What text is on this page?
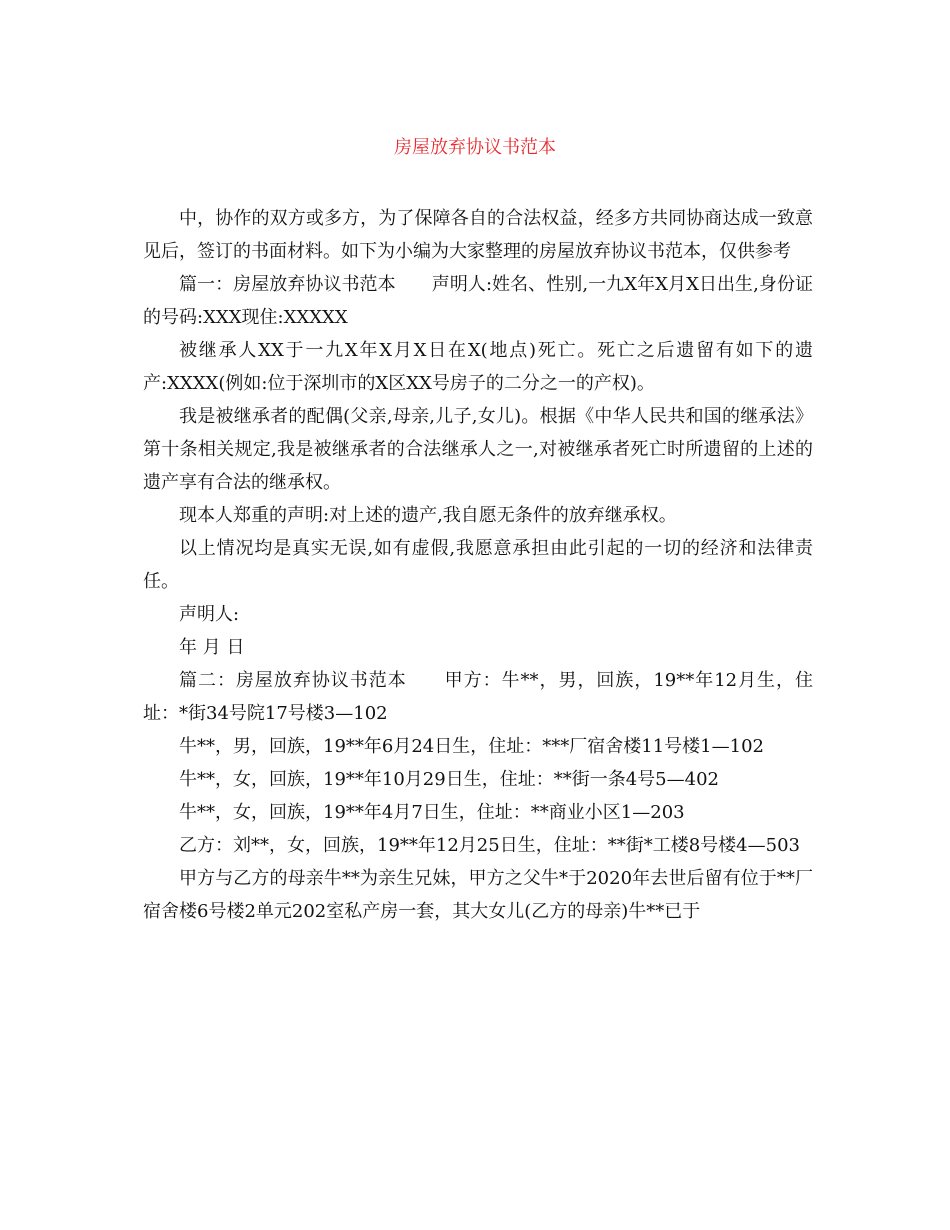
房屋放弃协议书范本

中，协作的双方或多方，为了保障各自的合法权益，经多方共同协商达成一致意见后，签订的书面材料。如下为小编为大家整理的房屋放弃协议书范本，仅供参考

篇一：房屋放弃协议书范本　　声明人:姓名、性别,一九X年X月X日出生,身份证的号码:XXX现住:XXXXX

被继承人XX于一九X年X月X日在X(地点)死亡。死亡之后遗留有如下的遗产:XXXX(例如:位于深圳市的X区XX号房子的二分之一的产权)。

我是被继承者的配偶(父亲,母亲,儿子,女儿)。根据《中华人民共和国的继承法》第十条相关规定,我是被继承者的合法继承人之一,对被继承者死亡时所遗留的上述的遗产享有合法的继承权。

现本人郑重的声明:对上述的遗产,我自愿无条件的放弃继承权。

以上情况均是真实无误,如有虚假,我愿意承担由此引起的一切的经济和法律责任。

声明人:

年 月 日

篇二：房屋放弃协议书范本　　甲方：牛**，男，回族，19**年12月生，住址：*街34号院17号楼3—102

牛**，男，回族，19**年6月24日生，住址：***厂宿舍楼11号楼1—102

牛**，女，回族，19**年10月29日生，住址：**街一条4号5—402

牛**，女，回族，19**年4月7日生，住址：**商业小区1—203

乙方：刘**，女，回族，19**年12月25日生，住址：**街*工楼8号楼4—503

甲方与乙方的母亲牛**为亲生兄妹，甲方之父牛*于2020年去世后留有位于**厂宿舍楼6号楼2单元202室私产房一套，其大女儿(乙方的母亲)牛**已于
